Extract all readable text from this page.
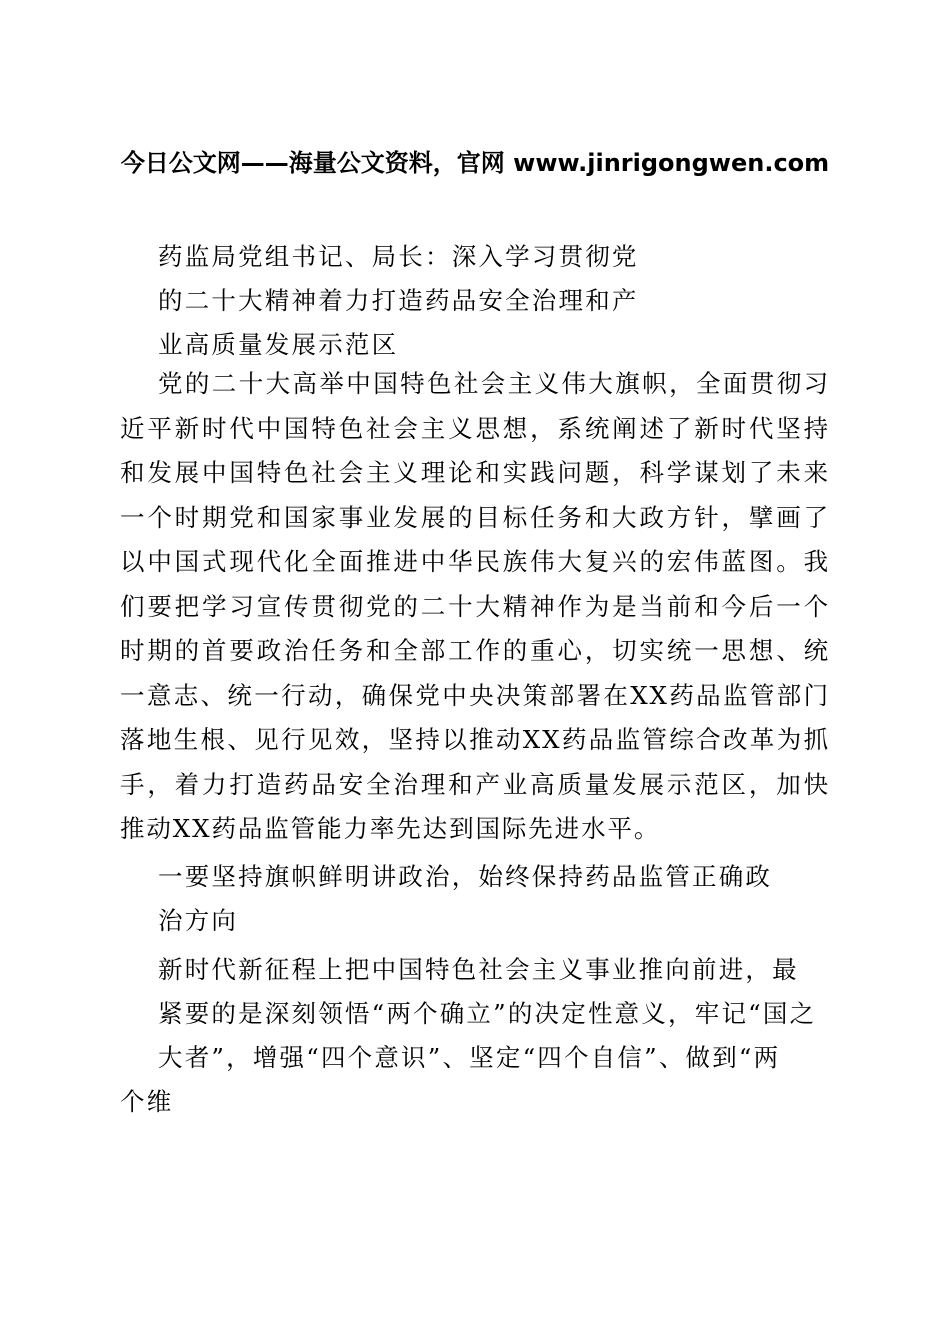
今日公文网——海量公文资料，官网 www.jinrigongwen.com
药监局党组书记、局长：深入学习贯彻党
的二十大精神着力打造药品安全治理和产
业高质量发展示范区
党的二十大高举中国特色社会主义伟大旗帜，全面贯彻习近平新时代中国特色社会主义思想，系统阐述了新时代坚持和发展中国特色社会主义理论和实践问题，科学谋划了未来一个时期党和国家事业发展的目标任务和大政方针，擘画了以中国式现代化全面推进中华民族伟大复兴的宏伟蓝图。我们要把学习宣传贯彻党的二十大精神作为是当前和今后一个时期的首要政治任务和全部工作的重心，切实统一思想、统一意志、统一行动，确保党中央决策部署在XX药品监管部门落地生根、见行见效，坚持以推动XX药品监管综合改革为抓手，着力打造药品安全治理和产业高质量发展示范区，加快推动XX药品监管能力率先达到国际先进水平。
一要坚持旗帜鲜明讲政治，始终保持药品监管正确政
治方向
新时代新征程上把中国特色社会主义事业推向前进，最
紧要的是深刻领悟“两个确立”的决定性意义，牢记“国之
大者”，增强“四个意识”、坚定“四个自信”、做到“两
个维
